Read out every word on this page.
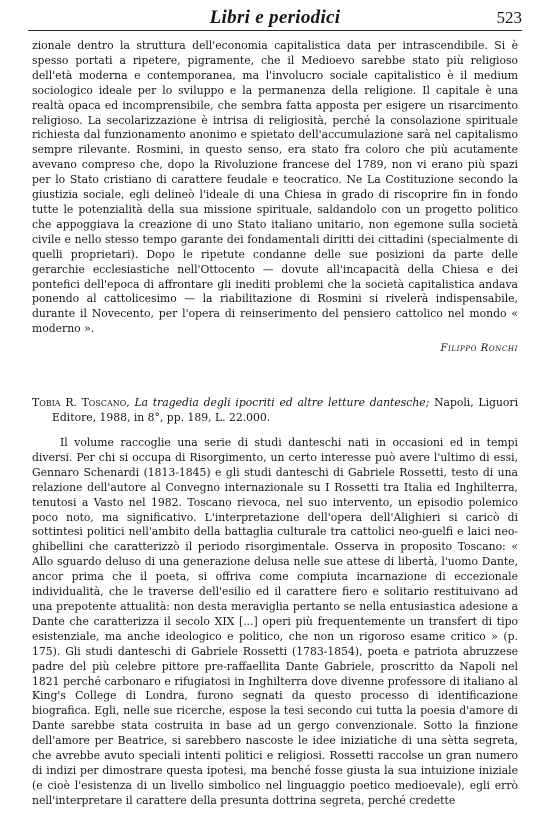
Libri e periodici	523

zionale dentro la struttura dell'economia capitalistica data per intrascendibile. Si è spesso portati a ripetere, pigramente, che il Medioevo sarebbe stato più religioso dell'età moderna e contemporanea, ma l'involucro sociale capitalistico è il medium sociologico ideale per lo sviluppo e la permanenza della religione. Il capitale è una realtà opaca ed incomprensibile, che sembra fatta apposta per esigere un risarcimento religioso. La secolarizzazione è intrisa di religiosità, perché la consolazione spirituale richiesta dal funzionamento anonimo e spietato dell'accumulazione sarà nel capitalismo sempre rilevante. Rosmini, in questo senso, era stato fra coloro che più acutamente avevano compreso che, dopo la Rivoluzione francese del 1789, non vi erano più spazi per lo Stato cristiano di carattere feudale e teocratico. Ne La Costituzione secondo la giustizia sociale, egli delineò l'ideale di una Chiesa in grado di riscoprire fin in fondo tutte le potenzialità della sua missione spirituale, saldandolo con un progetto politico che appoggiava la creazione di uno Stato italiano unitario, non egemone sulla società civile e nello stesso tempo garante dei fondamentali diritti dei cittadini (specialmente di quelli proprietari). Dopo le ripetute condanne delle sue posizioni da parte delle gerarchie ecclesiastiche nell'Ottocento — dovute all'incapacità della Chiesa e dei pontefici dell'epoca di affrontare gli inediti problemi che la società capitalistica andava ponendo al cattolicesimo — la riabilitazione di Rosmini si rivelerà indispensabile, durante il Novecento, per l'opera di reinserimento del pensiero cattolico nel mondo « moderno ».

Filippo Ronchi
Tobia R. Toscano, La tragedia degli ipocriti ed altre letture dantesche; Napoli, Liguori Editore, 1988, in 8°, pp. 189, L. 22.000.

Il volume raccoglie una serie di studi danteschi nati in occasioni ed in tempi diversi. Per chi si occupa di Risorgimento, un certo interesse può avere l'ultimo di essi, Gennaro Schenardi (1813-1845) e gli studi danteschi di Gabriele Rossetti, testo di una relazione dell'autore al Convegno internazionale su I Rossetti tra Italia ed Inghilterra, tenutosi a Vasto nel 1982. Toscano rievoca, nel suo intervento, un episodio polemico poco noto, ma significativo. L'interpretazione dell'opera dell'Alighieri si caricò di sottintesi politici nell'ambito della battaglia culturale tra cattolici neo-guelfi e laici neo-ghibellini che caratterizzò il periodo risorgimentale. Osserva in proposito Toscano: « Allo sguardo deluso di una generazione delusa nelle sue attese di libertà, l'uomo Dante, ancor prima che il poeta, si offriva come compiuta incarnazione di eccezionale individualità, che le traverse dell'esilio ed il carattere fiero e solitario restituivano ad una prepotente attualità: non desta meraviglia pertanto se nella entusiastica adesione a Dante che caratterizza il secolo XIX [...] operi più frequentemente un transfert di tipo esistenziale, ma anche ideologico e politico, che non un rigoroso esame critico » (p. 175). Gli studi danteschi di Gabriele Rossetti (1783-1854), poeta e patriota abruzzese padre del più celebre pittore pre-raffaellita Dante Gabriele, proscritto da Napoli nel 1821 perché carbonaro e rifugiatosi in Inghilterra dove divenne professore di italiano al King's College di Londra, furono segnati da questo processo di identificazione biografica. Egli, nelle sue ricerche, espose la tesi secondo cui tutta la poesia d'amore di Dante sarebbe stata costruita in base ad un gergo convenzionale. Sotto la finzione dell'amore per Beatrice, si sarebbero nascoste le idee iniziatiche di una sètta segreta, che avrebbe avuto speciali intenti politici e religiosi. Rossetti raccolse un gran numero di indizi per dimostrare questa ipotesi, ma benché fosse giusta la sua intuizione iniziale (e cioè l'esistenza di un livello simbolico nel linguaggio poetico medioevale), egli errò nell'interpretare il carattere della presunta dottrina segreta, perché credette
